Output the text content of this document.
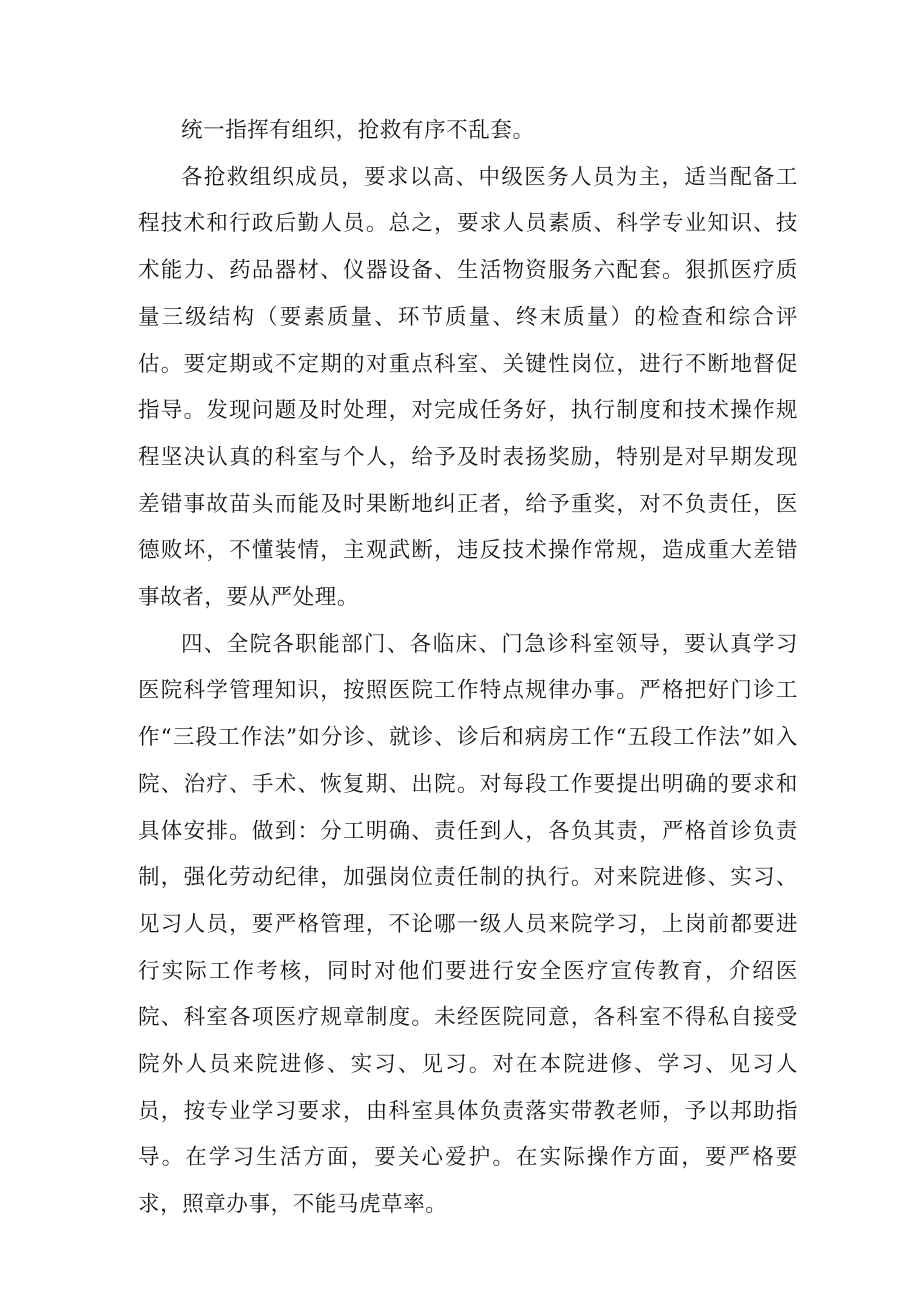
统一指挥有组织，抢救有序不乱套。

各抢救组织成员，要求以高、中级医务人员为主，适当配备工程技术和行政后勤人员。总之，要求人员素质、科学专业知识、技术能力、药品器材、仪器设备、生活物资服务六配套。狠抓医疗质量三级结构（要素质量、环节质量、终末质量）的检查和综合评估。要定期或不定期的对重点科室、关键性岗位，进行不断地督促指导。发现问题及时处理，对完成任务好，执行制度和技术操作规程坚决认真的科室与个人，给予及时表扬奖励，特别是对早期发现差错事故苗头而能及时果断地纠正者，给予重奖，对不负责任，医德败坏，不懂装情，主观武断，违反技术操作常规，造成重大差错事故者，要从严处理。

四、全院各职能部门、各临床、门急诊科室领导，要认真学习医院科学管理知识，按照医院工作特点规律办事。严格把好门诊工作“三段工作法”如分诊、就诊、诊后和病房工作“五段工作法”如入院、治疗、手术、恢复期、出院。对每段工作要提出明确的要求和具体安排。做到：分工明确、责任到人，各负其责，严格首诊负责制，强化劳动纪律，加强岗位责任制的执行。对来院进修、实习、见习人员，要严格管理，不论哪一级人员来院学习，上岗前都要进行实际工作考核，同时对他们要进行安全医疗宣传教育，介绍医院、科室各项医疗规章制度。未经医院同意，各科室不得私自接受院外人员来院进修、实习、见习。对在本院进修、学习、见习人员，按专业学习要求，由科室具体负责落实带教老师，予以邦助指导。在学习生活方面，要关心爱护。在实际操作方面，要严格要求，照章办事，不能马虎草率。
